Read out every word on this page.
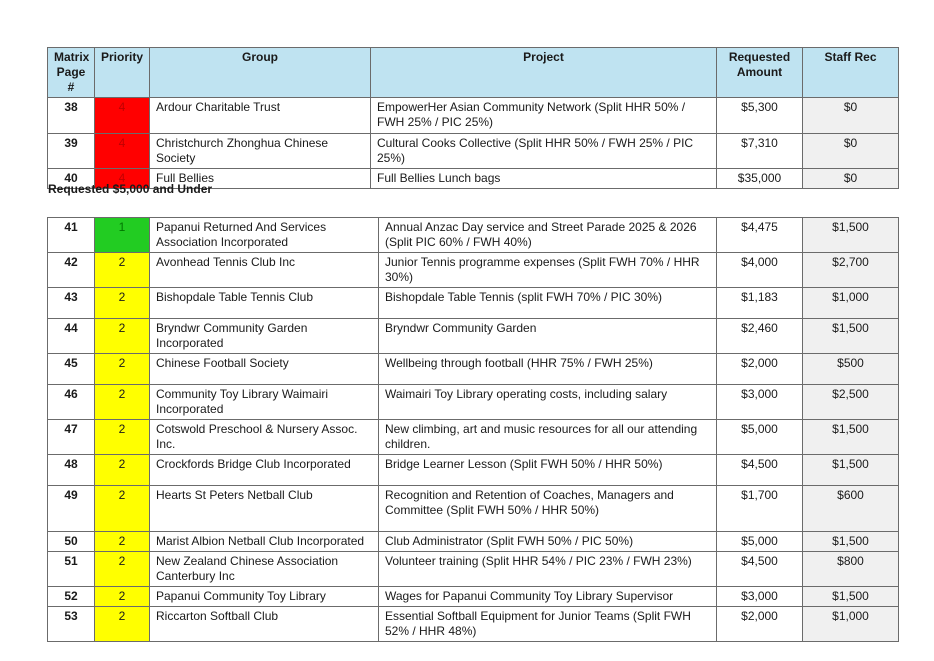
Matrix Page #	Priority	Group	Project	Requested Amount	Staff Rec
38	4	Ardour Charitable Trust	EmpowerHer Asian Community Network (Split HHR 50% / FWH 25% / PIC 25%)	$5,300	$0
39	4	Christchurch Zhonghua Chinese Society	Cultural Cooks Collective (Split HHR 50% / FWH 25% / PIC 25%)	$7,310	$0
40	4	Full Bellies	Full Bellies Lunch bags	$35,000	$0
Requested $5,000 and Under
41	1	Papanui Returned And Services Association Incorporated	Annual Anzac Day service and Street Parade 2025 & 2026 (Split PIC 60% / FWH 40%)	$4,475	$1,500
42	2	Avonhead Tennis Club Inc	Junior Tennis programme expenses (Split FWH 70% / HHR 30%)	$4,000	$2,700
43	2	Bishopdale Table Tennis Club	Bishopdale Table Tennis (split FWH 70% / PIC 30%)	$1,183	$1,000
44	2	Bryndwr Community Garden Incorporated	Bryndwr Community Garden	$2,460	$1,500
45	2	Chinese Football Society	Wellbeing through football (HHR 75% / FWH 25%)	$2,000	$500
46	2	Community Toy Library Waimairi Incorporated	Waimairi Toy Library operating costs, including salary	$3,000	$2,500
47	2	Cotswold Preschool & Nursery Assoc. Inc.	New climbing, art and music resources for all our attending children.	$5,000	$1,500
48	2	Crockfords Bridge Club Incorporated	Bridge Learner Lesson (Split FWH 50% / HHR 50%)	$4,500	$1,500
49	2	Hearts St Peters Netball Club	Recognition and Retention of Coaches, Managers and Committee (Split FWH 50% / HHR 50%)	$1,700	$600
50	2	Marist Albion Netball Club Incorporated	Club Administrator (Split FWH 50% / PIC 50%)	$5,000	$1,500
51	2	New Zealand Chinese Association Canterbury Inc	Volunteer training (Split HHR 54% / PIC 23% / FWH 23%)	$4,500	$800
52	2	Papanui Community Toy Library	Wages for Papanui Community Toy Library Supervisor	$3,000	$1,500
53	2	Riccarton Softball Club	Essential Softball Equipment for Junior Teams (Split FWH 52% / HHR 48%)	$2,000	$1,000
